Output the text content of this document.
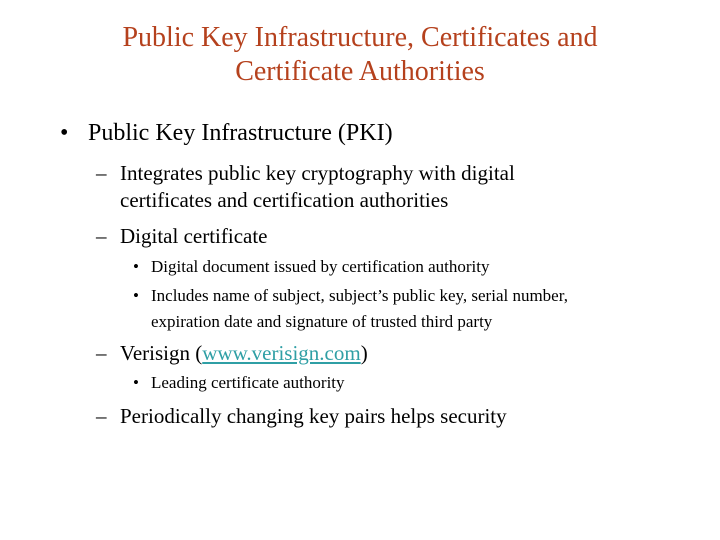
Public Key Infrastructure, Certificates and
Certificate Authorities
• Public Key Infrastructure (PKI)
– Integrates public key cryptography with digital
certificates and certification authorities
– Digital certificate
• Digital document issued by certification authority
• Includes name of subject, subject’s public key, serial number,
expiration date and signature of trusted third party
– Verisign (www.verisign.com)
• Leading certificate authority
– Periodically changing key pairs helps security
